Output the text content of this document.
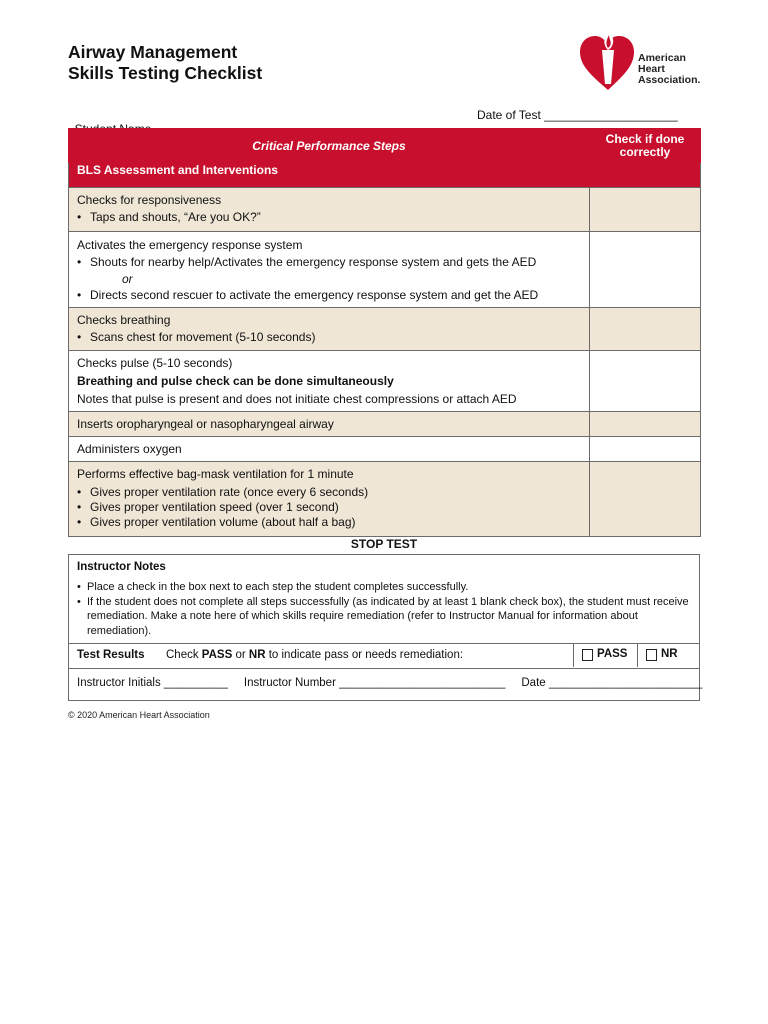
Airway Management
Skills Testing Checklist
American
Heart
Association.

Date of Test ____________________

Critical Performance Steps	Check if done
correctly

BLS Assessment and Interventions	

Checks for responsiveness
• Taps and shouts, “Are you OK?”

Activates the emergency response system
• Shouts for nearby help/Activates the emergency response system and gets the AED
or
• Directs second rescuer to activate the emergency response system and get the AED

Checks breathing
• Scans chest for movement (5-10 seconds)

Checks pulse (5-10 seconds)
Breathing and pulse check can be done simultaneously
Notes that pulse is present and does not initiate chest compressions or attach AED	

Inserts oropharyngeal or nasopharyngeal airway	

Administers oxygen	

Performs effective bag-mask ventilation for 1 minute
• Gives proper ventilation rate (once every 6 seconds)
• Gives proper ventilation speed (over 1 second)
• Gives proper ventilation volume (about half a bag)

STOP TEST
Instructor Notes
• Place a check in the box next to each step the student completes successfully.
• If the student does not complete all steps successfully (as indicated by at least 1 blank check box), the student must receive remediation. Make a note here of which skills require remediation (refer to Instructor Manual for information about remediation).
Test Results Check PASS or NR to indicate pass or needs remediation:	PASS	NR
Instructor Initials __________ Instructor Number __________________________ Date ________________________
© 2020 American Heart Association
